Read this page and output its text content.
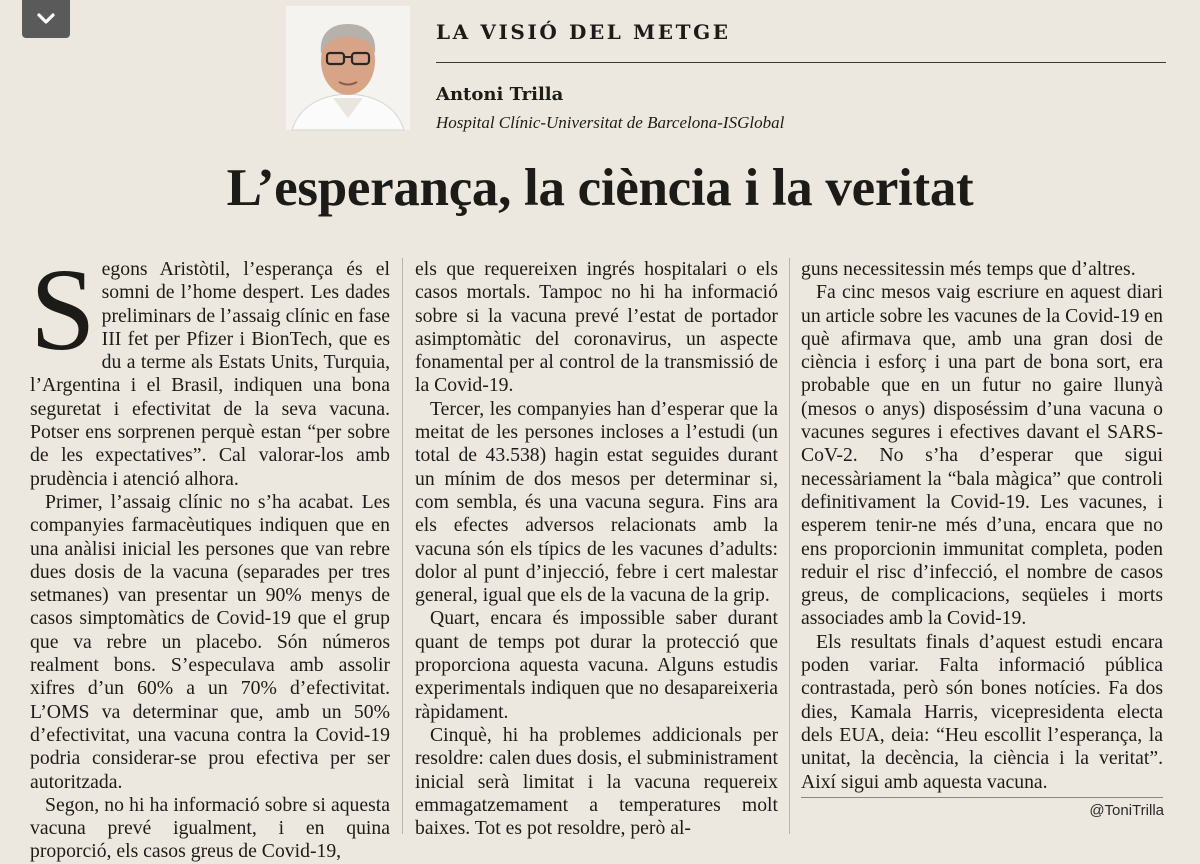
LA VISIÓ DEL METGE
Antoni Trilla
Hospital Clínic-Universitat de Barcelona-ISGlobal
L’esperança, la ciència i la veritat

Segons Aristòtil, l’esperança és el somni de l’home despert. Les dades preliminars de l’assaig clínic en fase III fet per Pfizer i BionTech, que es du a terme als Estats Units, Turquia, l’Argentina i el Brasil, indiquen una bona seguretat i efectivitat de la seva vacuna. Potser ens sorprenen perquè estan “per sobre de les expectatives”. Cal valorar-los amb prudència i atenció alhora.

Primer, l’assaig clínic no s’ha acabat. Les companyies farmacèutiques indiquen que en una anàlisi inicial les persones que van rebre dues dosis de la vacuna (separades per tres setmanes) van presentar un 90% menys de casos simptomàtics de Covid-19 que el grup que va rebre un placebo. Són números realment bons. S’especulava amb assolir xifres d’un 60% a un 70% d’efectivitat. L’OMS va determinar que, amb un 50% d’efectivitat, una vacuna contra la Covid-19 podria considerar-se prou efectiva per ser autoritzada.

Segon, no hi ha informació sobre si aquesta vacuna prevé igualment, i en quina proporció, els casos greus de Covid-19,

els que requereixen ingrés hospitalari o els casos mortals. Tampoc no hi ha informació sobre si la vacuna prevé l’estat de portador asimptomàtic del coronavirus, un aspecte fonamental per al control de la transmissió de la Covid-19.

Tercer, les companyies han d’esperar que la meitat de les persones incloses a l’estudi (un total de 43.538) hagin estat seguides durant un mínim de dos mesos per determinar si, com sembla, és una vacuna segura. Fins ara els efectes adversos relacionats amb la vacuna són els típics de les vacunes d’adults: dolor al punt d’injecció, febre i cert malestar general, igual que els de la vacuna de la grip.

Quart, encara és impossible saber durant quant de temps pot durar la protecció que proporciona aquesta vacuna. Alguns estudis experimentals indiquen que no desapareixeria ràpidament.

Cinquè, hi ha problemes addicionals per resoldre: calen dues dosis, el subministrament inicial serà limitat i la vacuna requereix emmagatzemament a temperatures molt baixes. Tot es pot resoldre, però al-

guns necessitessin més temps que d’altres.

Fa cinc mesos vaig escriure en aquest diari un article sobre les vacunes de la Covid-19 en què afirmava que, amb una gran dosi de ciència i esforç i una part de bona sort, era probable que en un futur no gaire llunyà (mesos o anys) disposéssim d’una vacuna o vacunes segures i efectives davant el SARS-CoV-2. No s’ha d’esperar que sigui necessàriament la “bala màgica” que controli definitivament la Covid-19. Les vacunes, i esperem tenir-ne més d’una, encara que no ens proporcionin immunitat completa, poden reduir el risc d’infecció, el nombre de casos greus, de complicacions, seqüeles i morts associades amb la Covid-19.

Els resultats finals d’aquest estudi encara poden variar. Falta informació pública contrastada, però són bones notícies. Fa dos dies, Kamala Harris, vicepresidenta electa dels EUA, deia: “Heu escollit l’esperança, la unitat, la decència, la ciència i la veritat”. Així sigui amb aquesta vacuna.

@ToniTrilla
